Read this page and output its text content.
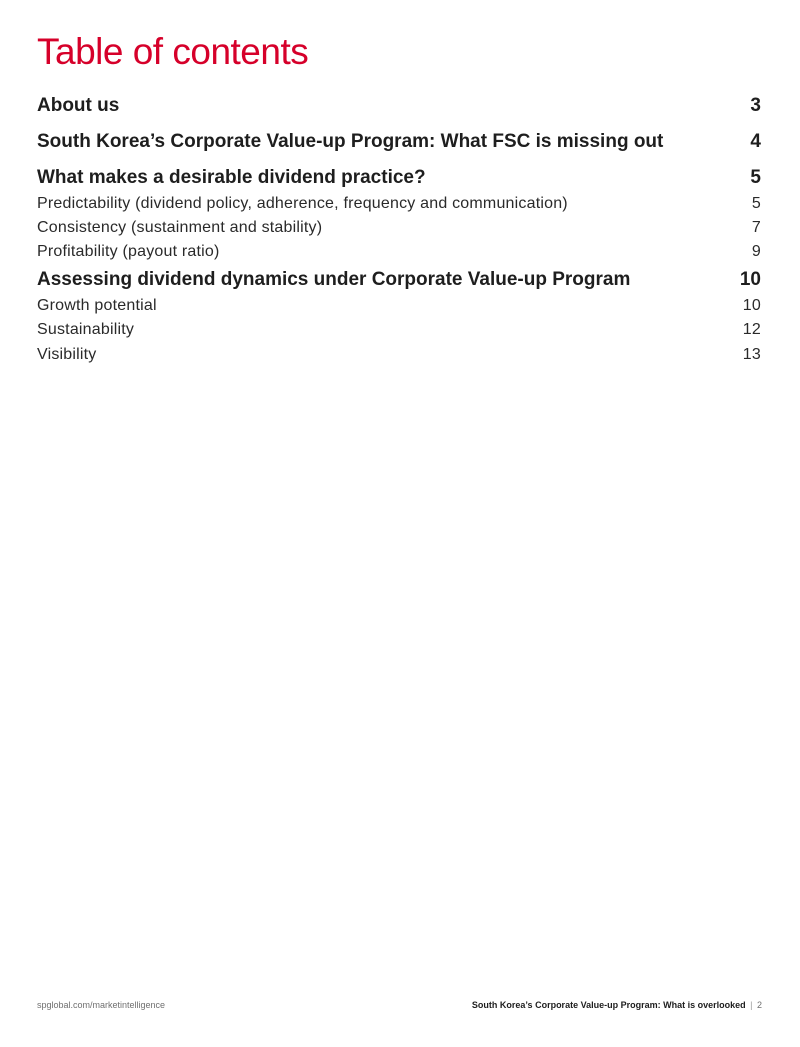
Table of contents
About us	3
South Korea’s Corporate Value-up Program: What FSC is missing out	4
What makes a desirable dividend practice?	5
Predictability (dividend policy, adherence, frequency and communication)	5
Consistency (sustainment and stability)	7
Profitability (payout ratio)	9
Assessing dividend dynamics under Corporate Value-up Program	10
Growth potential	10
Sustainability	12
Visibility	13
spglobal.com/marketintelligence	South Korea’s Corporate Value-up Program: What is overlooked | 2
